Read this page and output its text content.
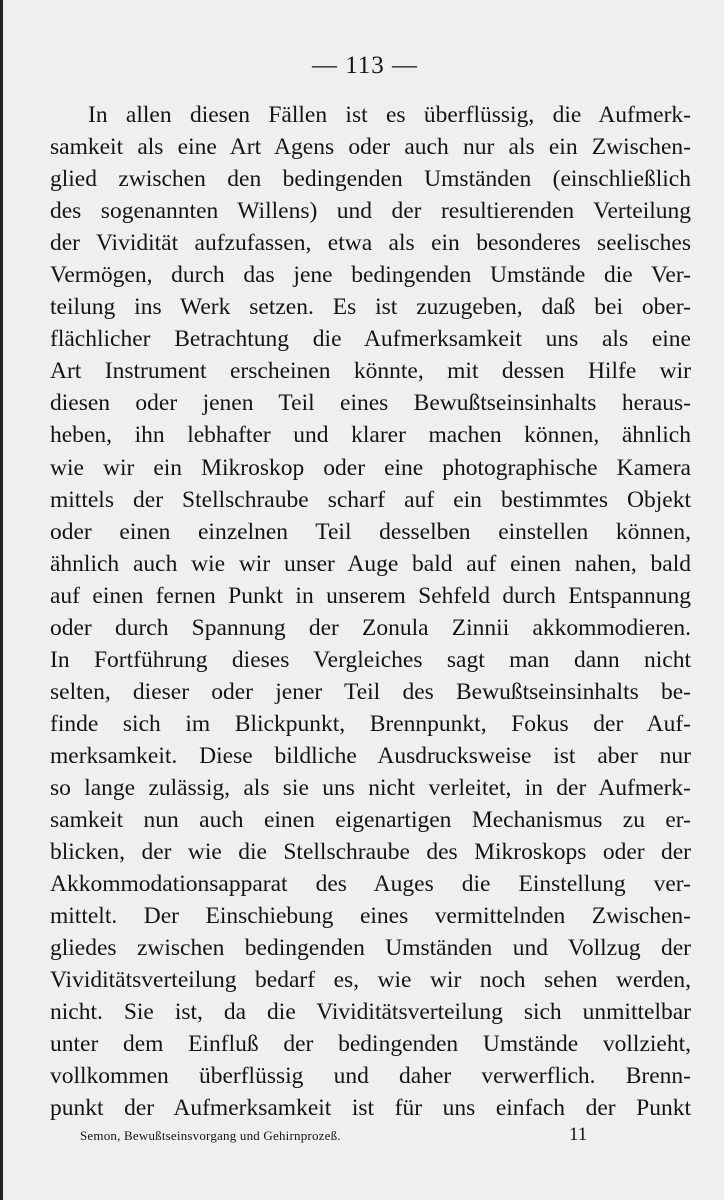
— 113 —
In allen diesen Fällen ist es überflüssig, die Aufmerk-
samkeit als eine Art Agens oder auch nur als ein Zwischen-
glied zwischen den bedingenden Umständen (einschließlich
des sogenannten Willens) und der resultierenden Verteilung
der Vividität aufzufassen, etwa als ein besonderes seelisches
Vermögen, durch das jene bedingenden Umstände die Ver-
teilung ins Werk setzen. Es ist zuzugeben, daß bei ober-
flächlicher Betrachtung die Aufmerksamkeit uns als eine
Art Instrument erscheinen könnte, mit dessen Hilfe wir
diesen oder jenen Teil eines Bewußtseinsinhalts heraus-
heben, ihn lebhafter und klarer machen können, ähnlich
wie wir ein Mikroskop oder eine photographische Kamera
mittels der Stellschraube scharf auf ein bestimmtes Objekt
oder einen einzelnen Teil desselben einstellen können,
ähnlich auch wie wir unser Auge bald auf einen nahen, bald
auf einen fernen Punkt in unserem Sehfeld durch Entspannung
oder durch Spannung der Zonula Zinnii akkommodieren.
In Fortführung dieses Vergleiches sagt man dann nicht
selten, dieser oder jener Teil des Bewußtseinsinhalts be-
finde sich im Blickpunkt, Brennpunkt, Fokus der Auf-
merksamkeit. Diese bildliche Ausdrucksweise ist aber nur
so lange zulässig, als sie uns nicht verleitet, in der Aufmerk-
samkeit nun auch einen eigenartigen Mechanismus zu er-
blicken, der wie die Stellschraube des Mikroskops oder der
Akkommodationsapparat des Auges die Einstellung ver-
mittelt. Der Einschiebung eines vermittelnden Zwischen-
gliedes zwischen bedingenden Umständen und Vollzug der
Vividitätsverteilung bedarf es, wie wir noch sehen werden,
nicht. Sie ist, da die Vividitätsverteilung sich unmittelbar
unter dem Einfluß der bedingenden Umstände vollzieht,
vollkommen überflüssig und daher verwerflich. Brenn-
punkt der Aufmerksamkeit ist für uns einfach der Punkt
Semon, Bewußtseinsvorgang und Gehirnprozeß.	11
